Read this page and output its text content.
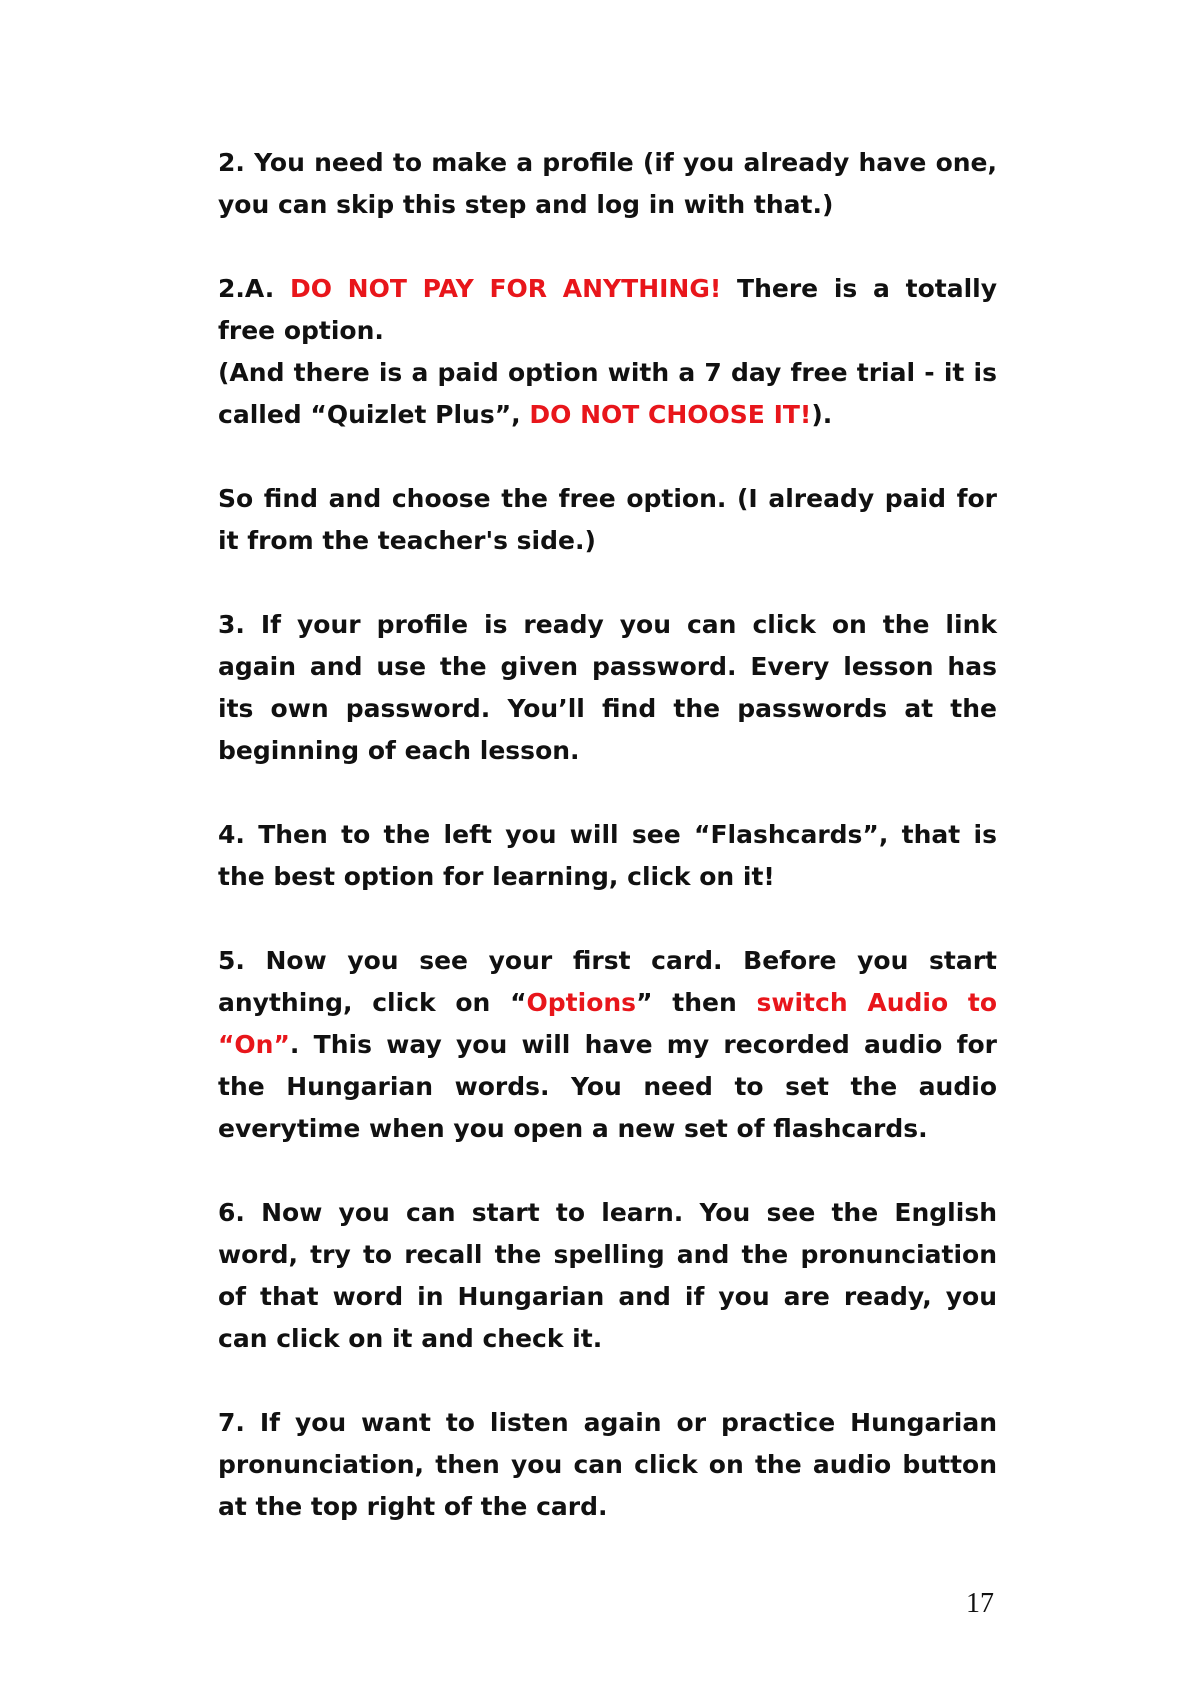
2. You need to make a profile (if you already have one, you can skip this step and log in with that.)

2.A. DO NOT PAY FOR ANYTHING! There is a totally free option.

(And there is a paid option with a 7 day free trial - it is called “Quizlet Plus”, DO NOT CHOOSE IT!).

So find and choose the free option. (I already paid for it from the teacher's side.)

3. If your profile is ready you can click on the link again and use the given password. Every lesson has its own password. You’ll find the passwords at the beginning of each lesson.

4. Then to the left you will see “Flashcards”, that is the best option for learning, click on it!

5. Now you see your first card. Before you start anything, click on “Options” then switch Audio to “On”. This way you will have my recorded audio for the Hungarian words. You need to set the audio everytime when you open a new set of flashcards.

6. Now you can start to learn. You see the English word, try to recall the spelling and the pronunciation of that word in Hungarian and if you are ready, you can click on it and check it.

7. If you want to listen again or practice Hungarian pronunciation, then you can click on the audio button at the top right of the card.

17
